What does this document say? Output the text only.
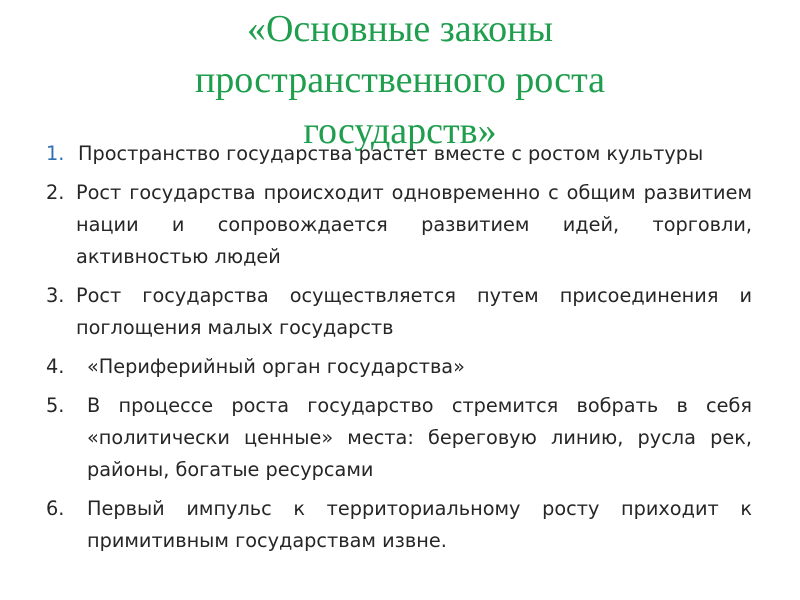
«Основные законы
пространственного роста
государств»
1. Пространство государства растет вместе с ростом культуры
2. Рост государства происходит одновременно с общим развитием нации и сопровождается развитием идей, торговли, активностью людей
3. Рост государства осуществляется путем присоединения и поглощения малых государств
4.	«Периферийный орган государства»
5.	В процессе роста государство стремится вобрать в себя «политически ценные» места: береговую линию, русла рек, районы, богатые ресурсами
6.	Первый импульс к территориальному росту приходит к примитивным государствам извне.
